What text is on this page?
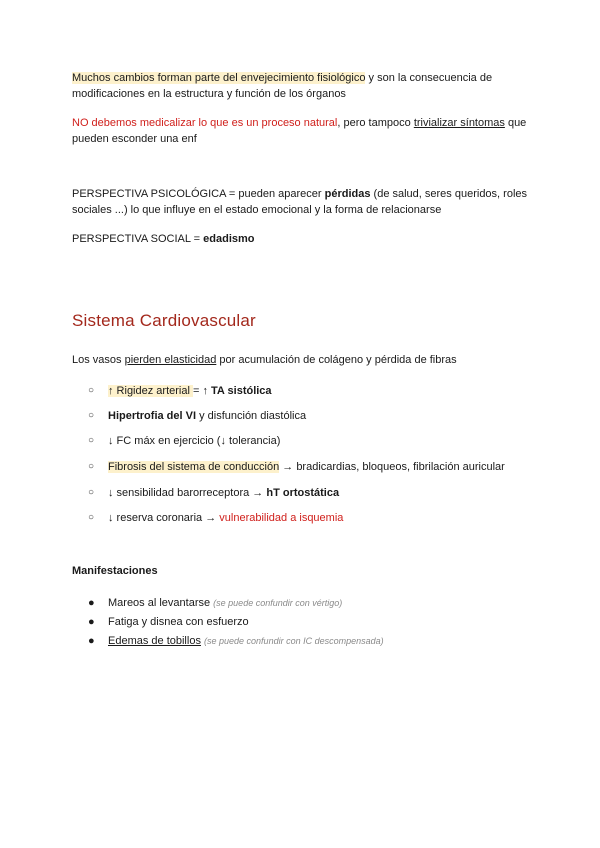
Muchos cambios forman parte del envejecimiento fisiológico y son la consecuencia de modificaciones en la estructura y función de los órganos

NO debemos medicalizar lo que es un proceso natural, pero tampoco trivializar síntomas que pueden esconder una enf

PERSPECTIVA PSICOLÓGICA = pueden aparecer pérdidas (de salud, seres queridos, roles sociales ...) lo que influye en el estado emocional y la forma de relacionarse

PERSPECTIVA SOCIAL = edadismo

Sistema Cardiovascular

Los vasos pierden elasticidad por acumulación de colágeno y pérdida de fibras

○	↑ Rigidez arterial = ↑ TA sistólica
○	Hipertrofia del VI y disfunción diastólica
○	↓ FC máx en ejercicio (↓ tolerancia)
○	Fibrosis del sistema de conducción → bradicardias, bloqueos, fibrilación auricular
○	↓ sensibilidad barorreceptora → hT ortostática
○	↓ reserva coronaria → vulnerabilidad a isquemia
Manifestaciones
●	Mareos al levantarse (se puede confundir con vértigo)
●	Fatiga y disnea con esfuerzo
●	Edemas de tobillos (se puede confundir con IC descompensada)
